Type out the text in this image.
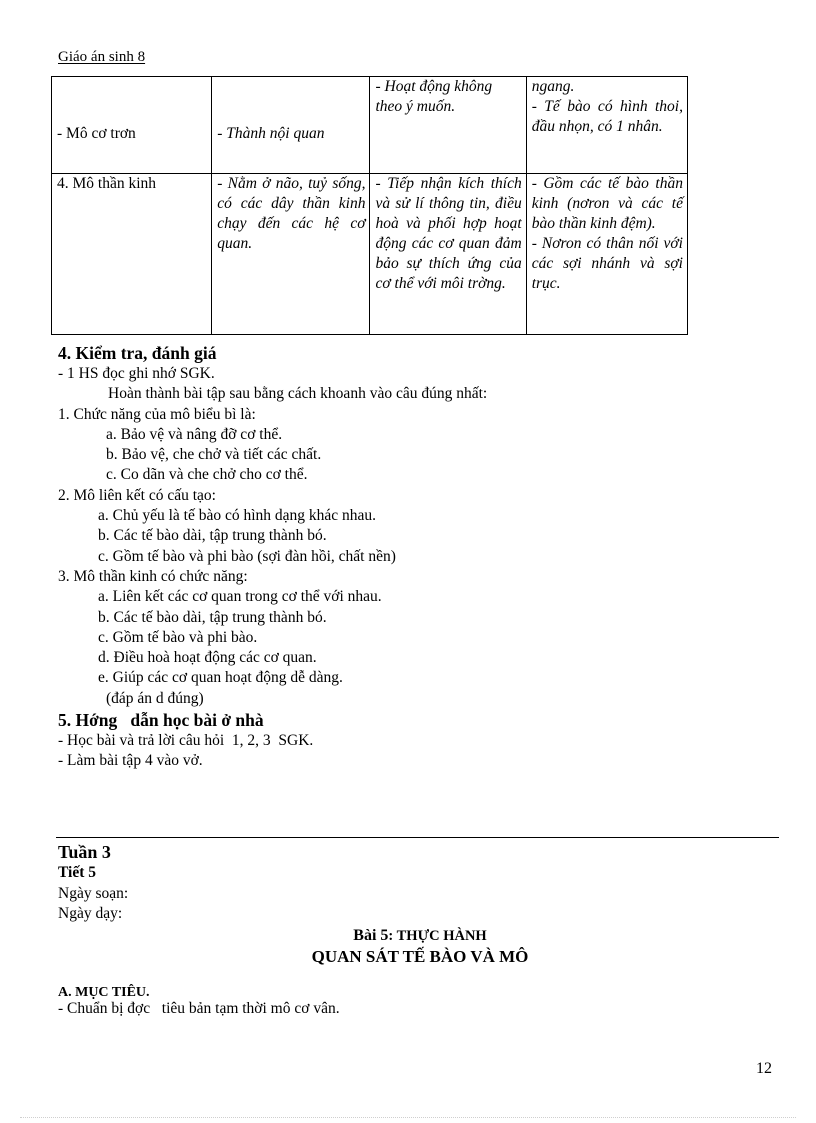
Giáo án sinh 8
- Mô cơ trơn	- Thành nội quan	- Hoạt động không theo ý muốn.	ngang.
- Tế bào có hình thoi, đầu nhọn, có 1 nhân.
4. Mô thần kinh	- Nằm ở não, tuỷ sống, có các dây thần kinh chạy đến các hệ cơ quan.	- Tiếp nhận kích thích và sử lí thông tin, điều hoà và phối hợp hoạt động các cơ quan đảm bảo sự thích ứng của cơ thể với môi trờng.	- Gồm các tế bào thần kinh (nơron và các tế bào thần kinh đệm).
- Nơron có thân nối với các sợi nhánh và sợi trục.

4. Kiểm tra, đánh giá

- 1 HS đọc ghi nhớ SGK.

Hoàn thành bài tập sau bằng cách khoanh vào câu đúng nhất:

1. Chức năng của mô biểu bì là:

a. Bảo vệ và nâng đỡ cơ thể.

b. Bảo vệ, che chở và tiết các chất.

c. Co dãn và che chở cho cơ thể.

2. Mô liên kết có cấu tạo:

a. Chủ yếu là tế bào có hình dạng khác nhau.

b. Các tế bào dài, tập trung thành bó.

c. Gồm tế bào và phi bào (sợi đàn hồi, chất nền)

3. Mô thần kinh có chức năng:

a. Liên kết các cơ quan trong cơ thể với nhau.

b. Các tế bào dài, tập trung thành bó.

c. Gồm tế bào và phi bào.

d. Điều hoà hoạt động các cơ quan.

e. Giúp các cơ quan hoạt động dễ dàng.

(đáp án d đúng)

5. Hớng   dẫn học bài ở nhà

- Học bài và trả lời câu hỏi  1, 2, 3  SGK.

- Làm bài tập 4 vào vở.

Tuần 3

Tiết 5

Ngày soạn:

Ngày dạy:

Bài 5: THỰC HÀNH
QUAN SÁT TẾ BÀO VÀ MÔ
A. MỤC TIÊU.
- Chuẩn bị đợc   tiêu bản tạm thời mô cơ vân.
12
